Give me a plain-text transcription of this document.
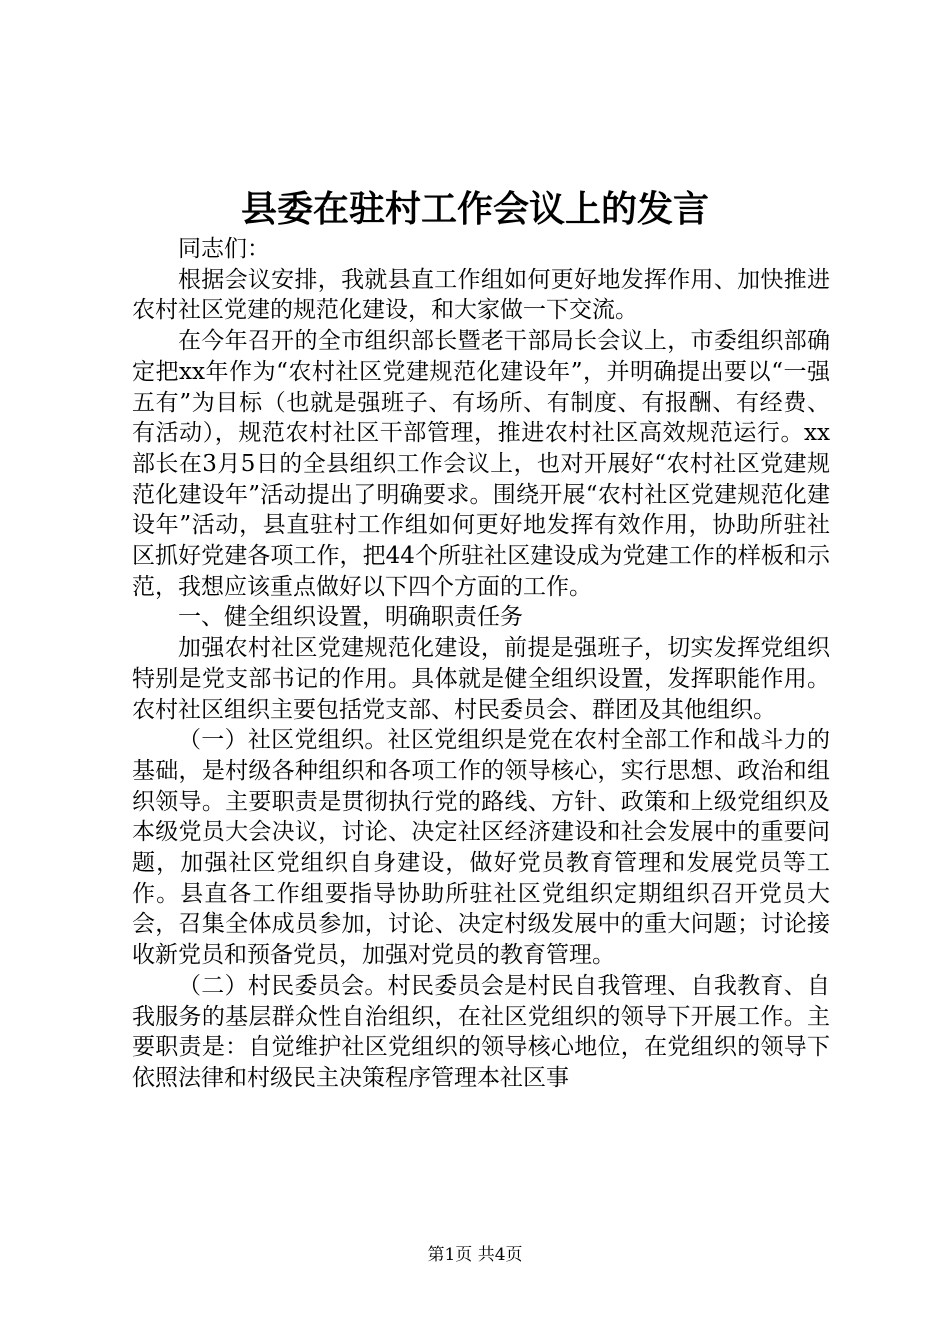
县委在驻村工作会议上的发言

同志们：

根据会议安排，我就县直工作组如何更好地发挥作用、加快推进农村社区党建的规范化建设，和大家做一下交流。

在今年召开的全市组织部长暨老干部局长会议上，市委组织部确定把xx年作为“农村社区党建规范化建设年”，并明确提出要以“一强五有”为目标（也就是强班子、有场所、有制度、有报酬、有经费、有活动），规范农村社区干部管理，推进农村社区高效规范运行。xx部长在3月5日的全县组织工作会议上，也对开展好“农村社区党建规范化建设年”活动提出了明确要求。围绕开展“农村社区党建规范化建设年”活动，县直驻村工作组如何更好地发挥有效作用，协助所驻社区抓好党建各项工作，把44个所驻社区建设成为党建工作的样板和示范，我想应该重点做好以下四个方面的工作。

一、健全组织设置，明确职责任务

加强农村社区党建规范化建设，前提是强班子，切实发挥党组织特别是党支部书记的作用。具体就是健全组织设置，发挥职能作用。农村社区组织主要包括党支部、村民委员会、群团及其他组织。

（一）社区党组织。社区党组织是党在农村全部工作和战斗力的基础，是村级各种组织和各项工作的领导核心，实行思想、政治和组织领导。主要职责是贯彻执行党的路线、方针、政策和上级党组织及本级党员大会决议，讨论、决定社区经济建设和社会发展中的重要问题，加强社区党组织自身建设，做好党员教育管理和发展党员等工作。县直各工作组要指导协助所驻社区党组织定期组织召开党员大会，召集全体成员参加，讨论、决定村级发展中的重大问题；讨论接收新党员和预备党员，加强对党员的教育管理。

（二）村民委员会。村民委员会是村民自我管理、自我教育、自我服务的基层群众性自治组织，在社区党组织的领导下开展工作。主要职责是：自觉维护社区党组织的领导核心地位，在党组织的领导下依照法律和村级民主决策程序管理本社区事

第1页 共4页
